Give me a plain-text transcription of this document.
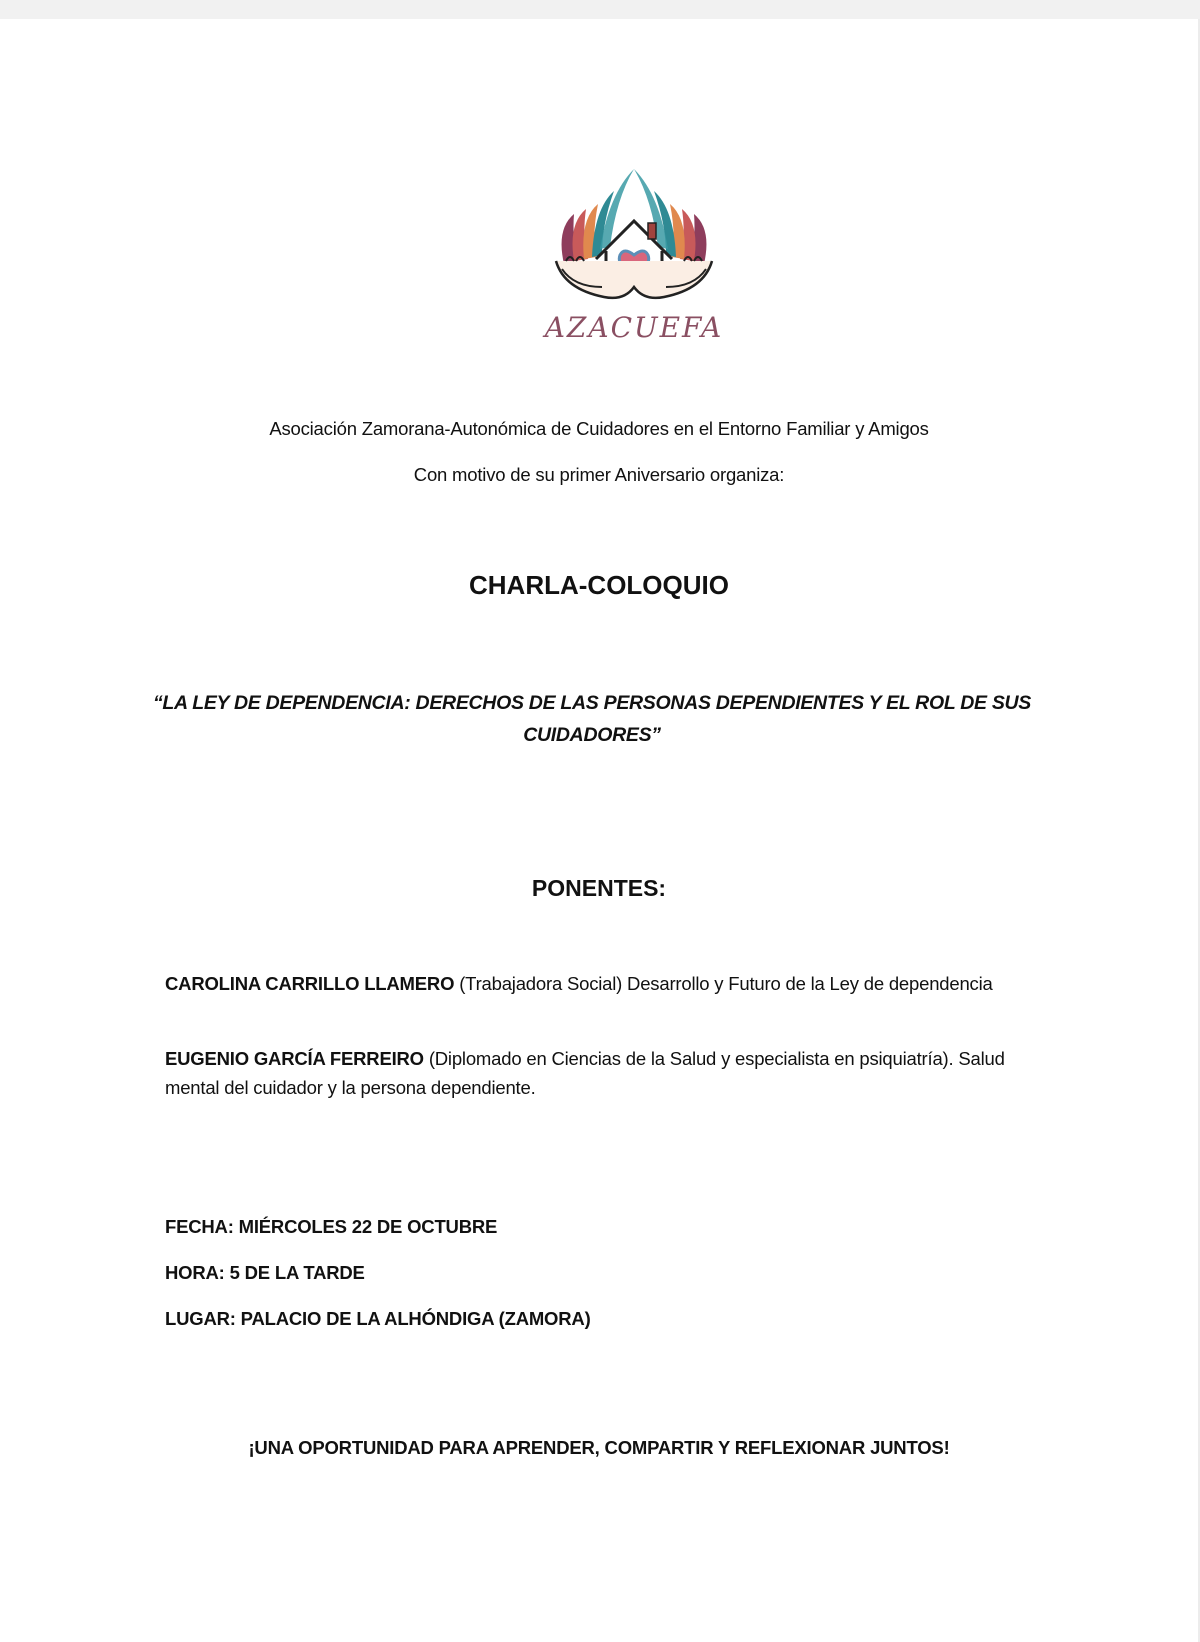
AZACUEFA
Asociación Zamorana-Autonómica de Cuidadores en el Entorno Familiar y Amigos
Con motivo de su primer Aniversario organiza:
CHARLA-COLOQUIO
“LA LEY DE DEPENDENCIA: DERECHOS DE LAS PERSONAS DEPENDIENTES Y EL ROL DE SUS CUIDADORES”
PONENTES:
CAROLINA CARRILLO LLAMERO (Trabajadora Social) Desarrollo y Futuro de la Ley de dependencia
EUGENIO GARCÍA FERREIRO (Diplomado en Ciencias de la Salud y especialista en psiquiatría). Salud mental del cuidador y la persona dependiente.
FECHA: MIÉRCOLES 22 DE OCTUBRE
HORA: 5 DE LA TARDE
LUGAR: PALACIO DE LA ALHÓNDIGA (ZAMORA)
¡UNA OPORTUNIDAD PARA APRENDER, COMPARTIR Y REFLEXIONAR JUNTOS!
